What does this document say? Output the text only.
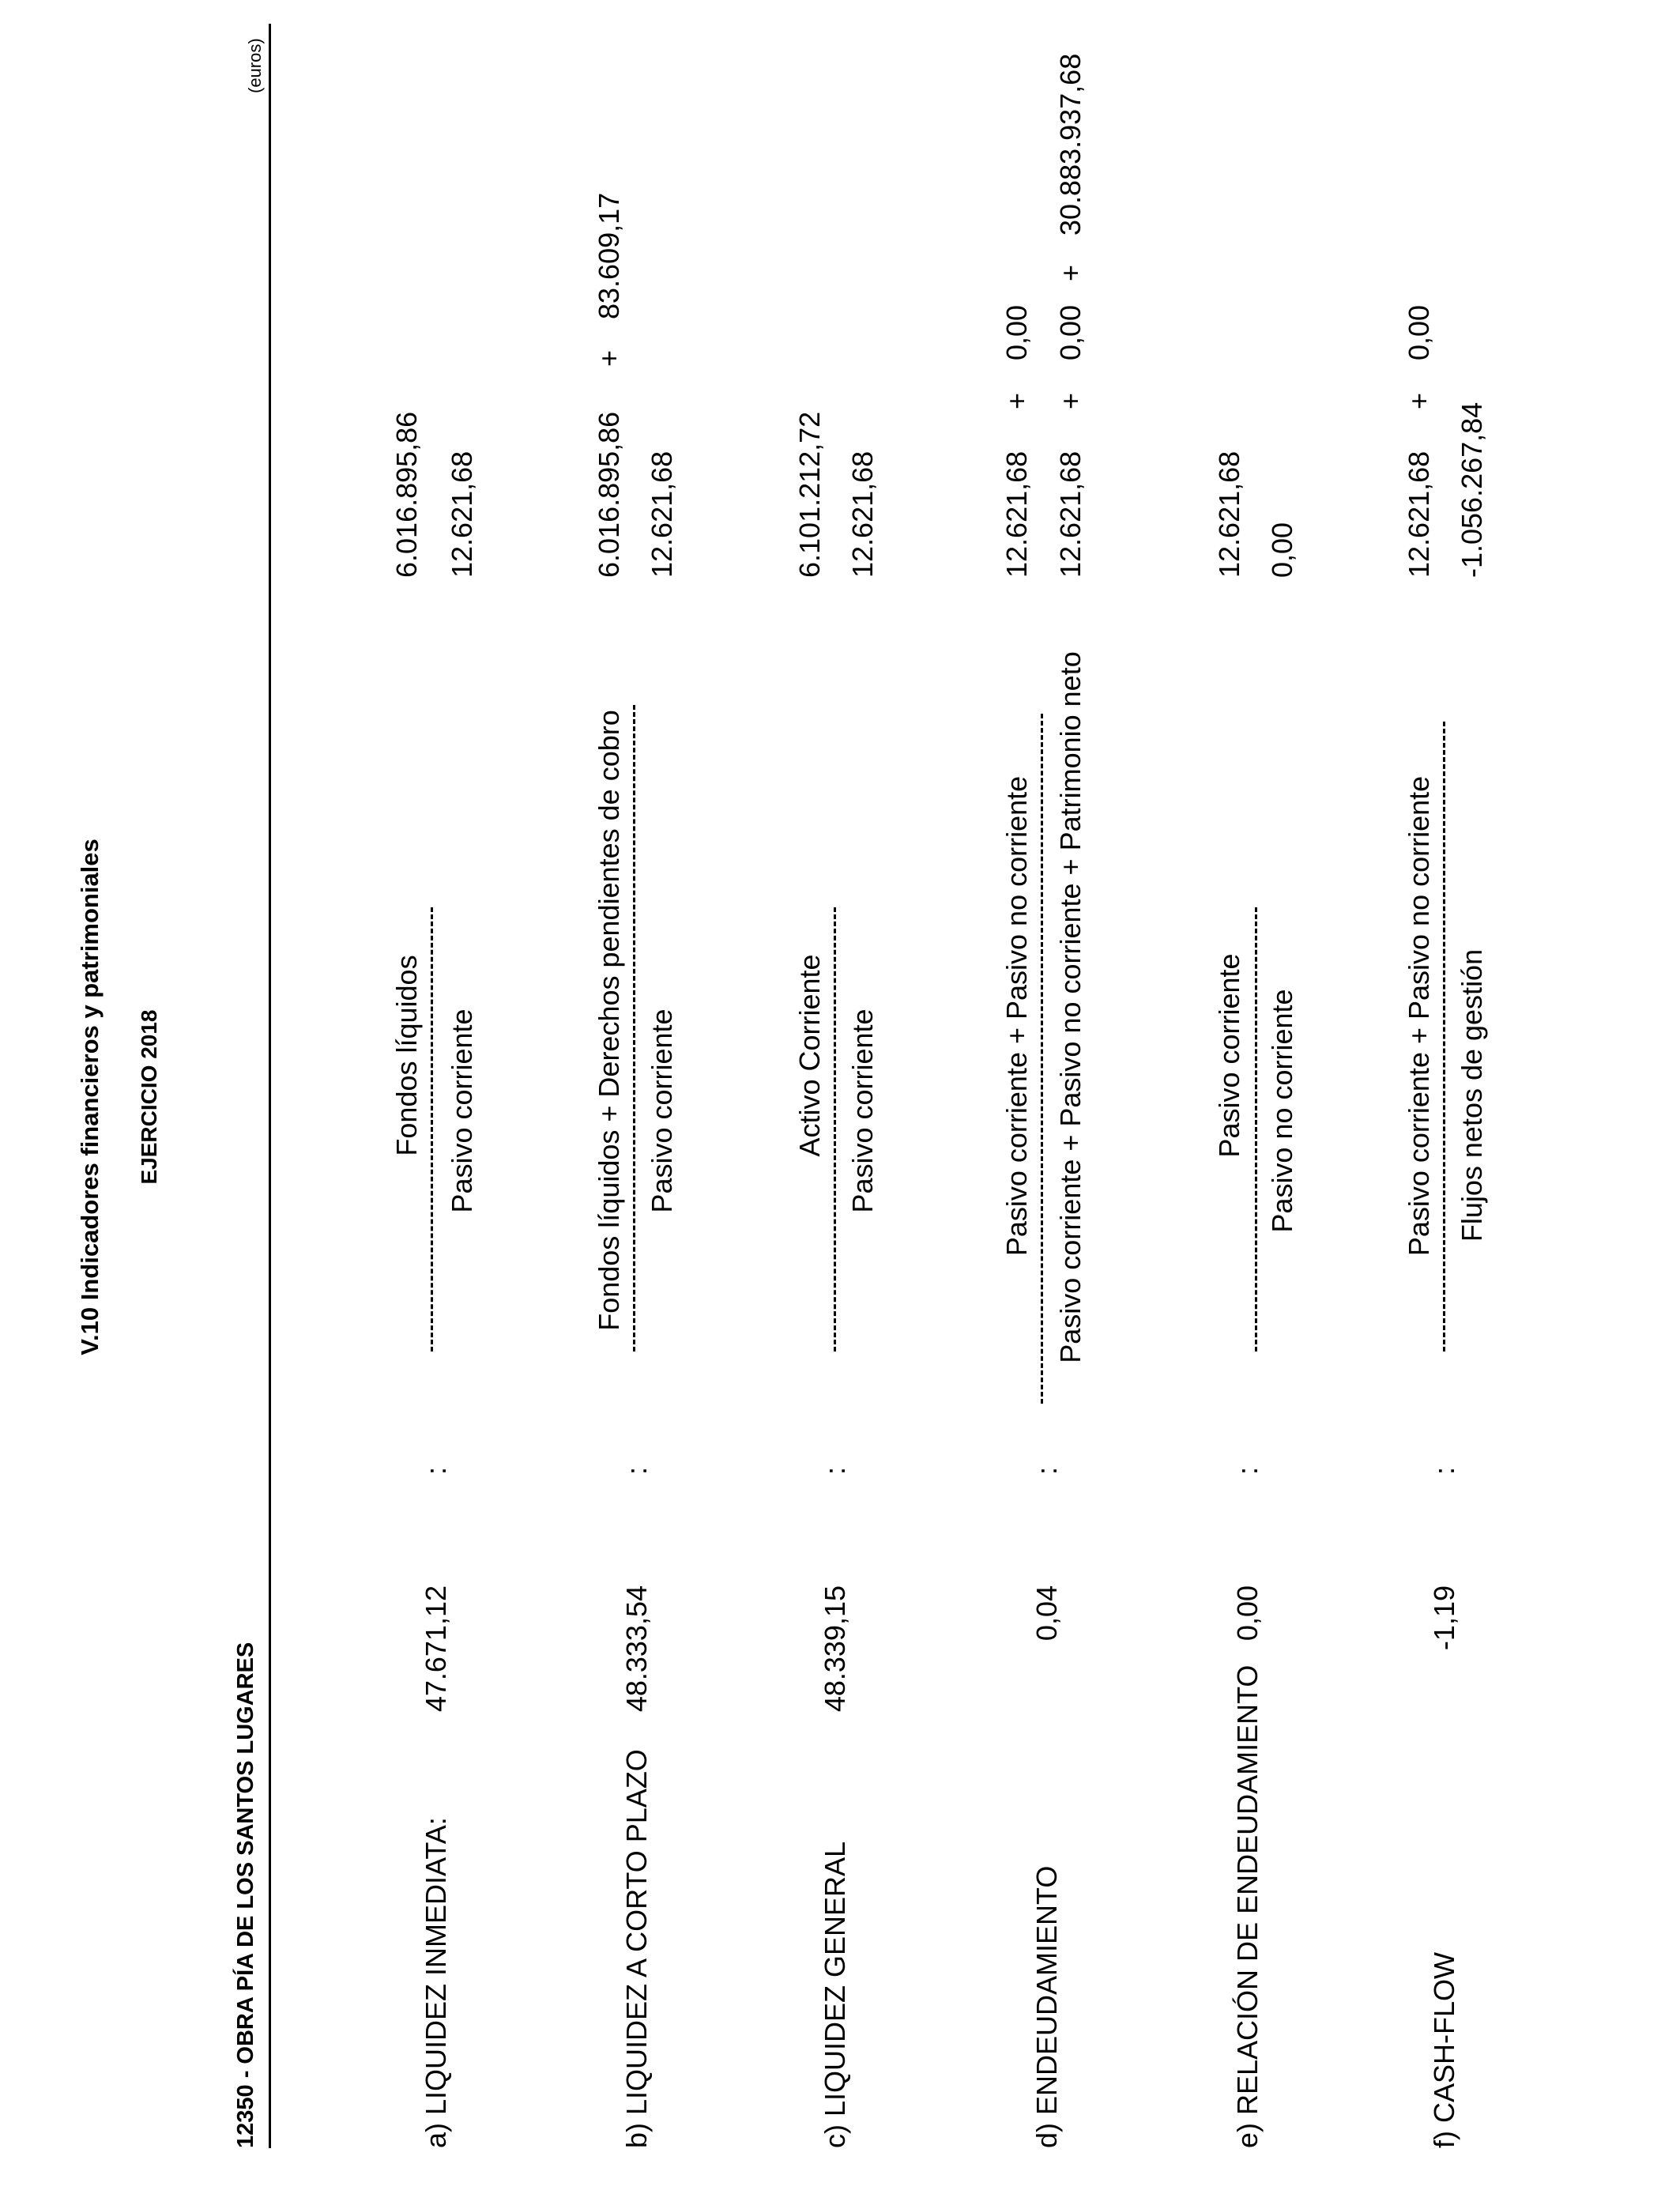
V.10 Indicadores financieros y patrimoniales EJERCICIO 2018
12350 - OBRA PÍA DE LOS SANTOS LUGARES
(euros)
a) LIQUIDEZ INMEDIATA:
47.671,12
:
Fondos líquidos Pasivo corriente
6.016.895,86 12.621,68
b) LIQUIDEZ A CORTO PLAZO
48.333,54
:
Fondos líquidos + Derechos pendientes de cobro Pasivo corriente
6.016.895,86
+
83.609,17
12.621,68
c) LIQUIDEZ GENERAL
48.339,15
:
Activo Corriente Pasivo corriente
6.101.212,72 12.621,68
d) ENDEUDAMIENTO
0,04
:
Pasivo corriente + Pasivo no corriente Pasivo corriente + Pasivo no corriente + Patrimonio neto
12.621,68
+
0,00
12.621,68
+
0,00
+
30.883.937,68
e) RELACIÓN DE ENDEUDAMIENTO
0,00
:
Pasivo corriente Pasivo no corriente
12.621,68 0,00
f) CASH-FLOW
-1,19
:
Pasivo corriente + Pasivo no corriente Flujos netos de gestión
12.621,68
+
0,00
-1.056.267,84
